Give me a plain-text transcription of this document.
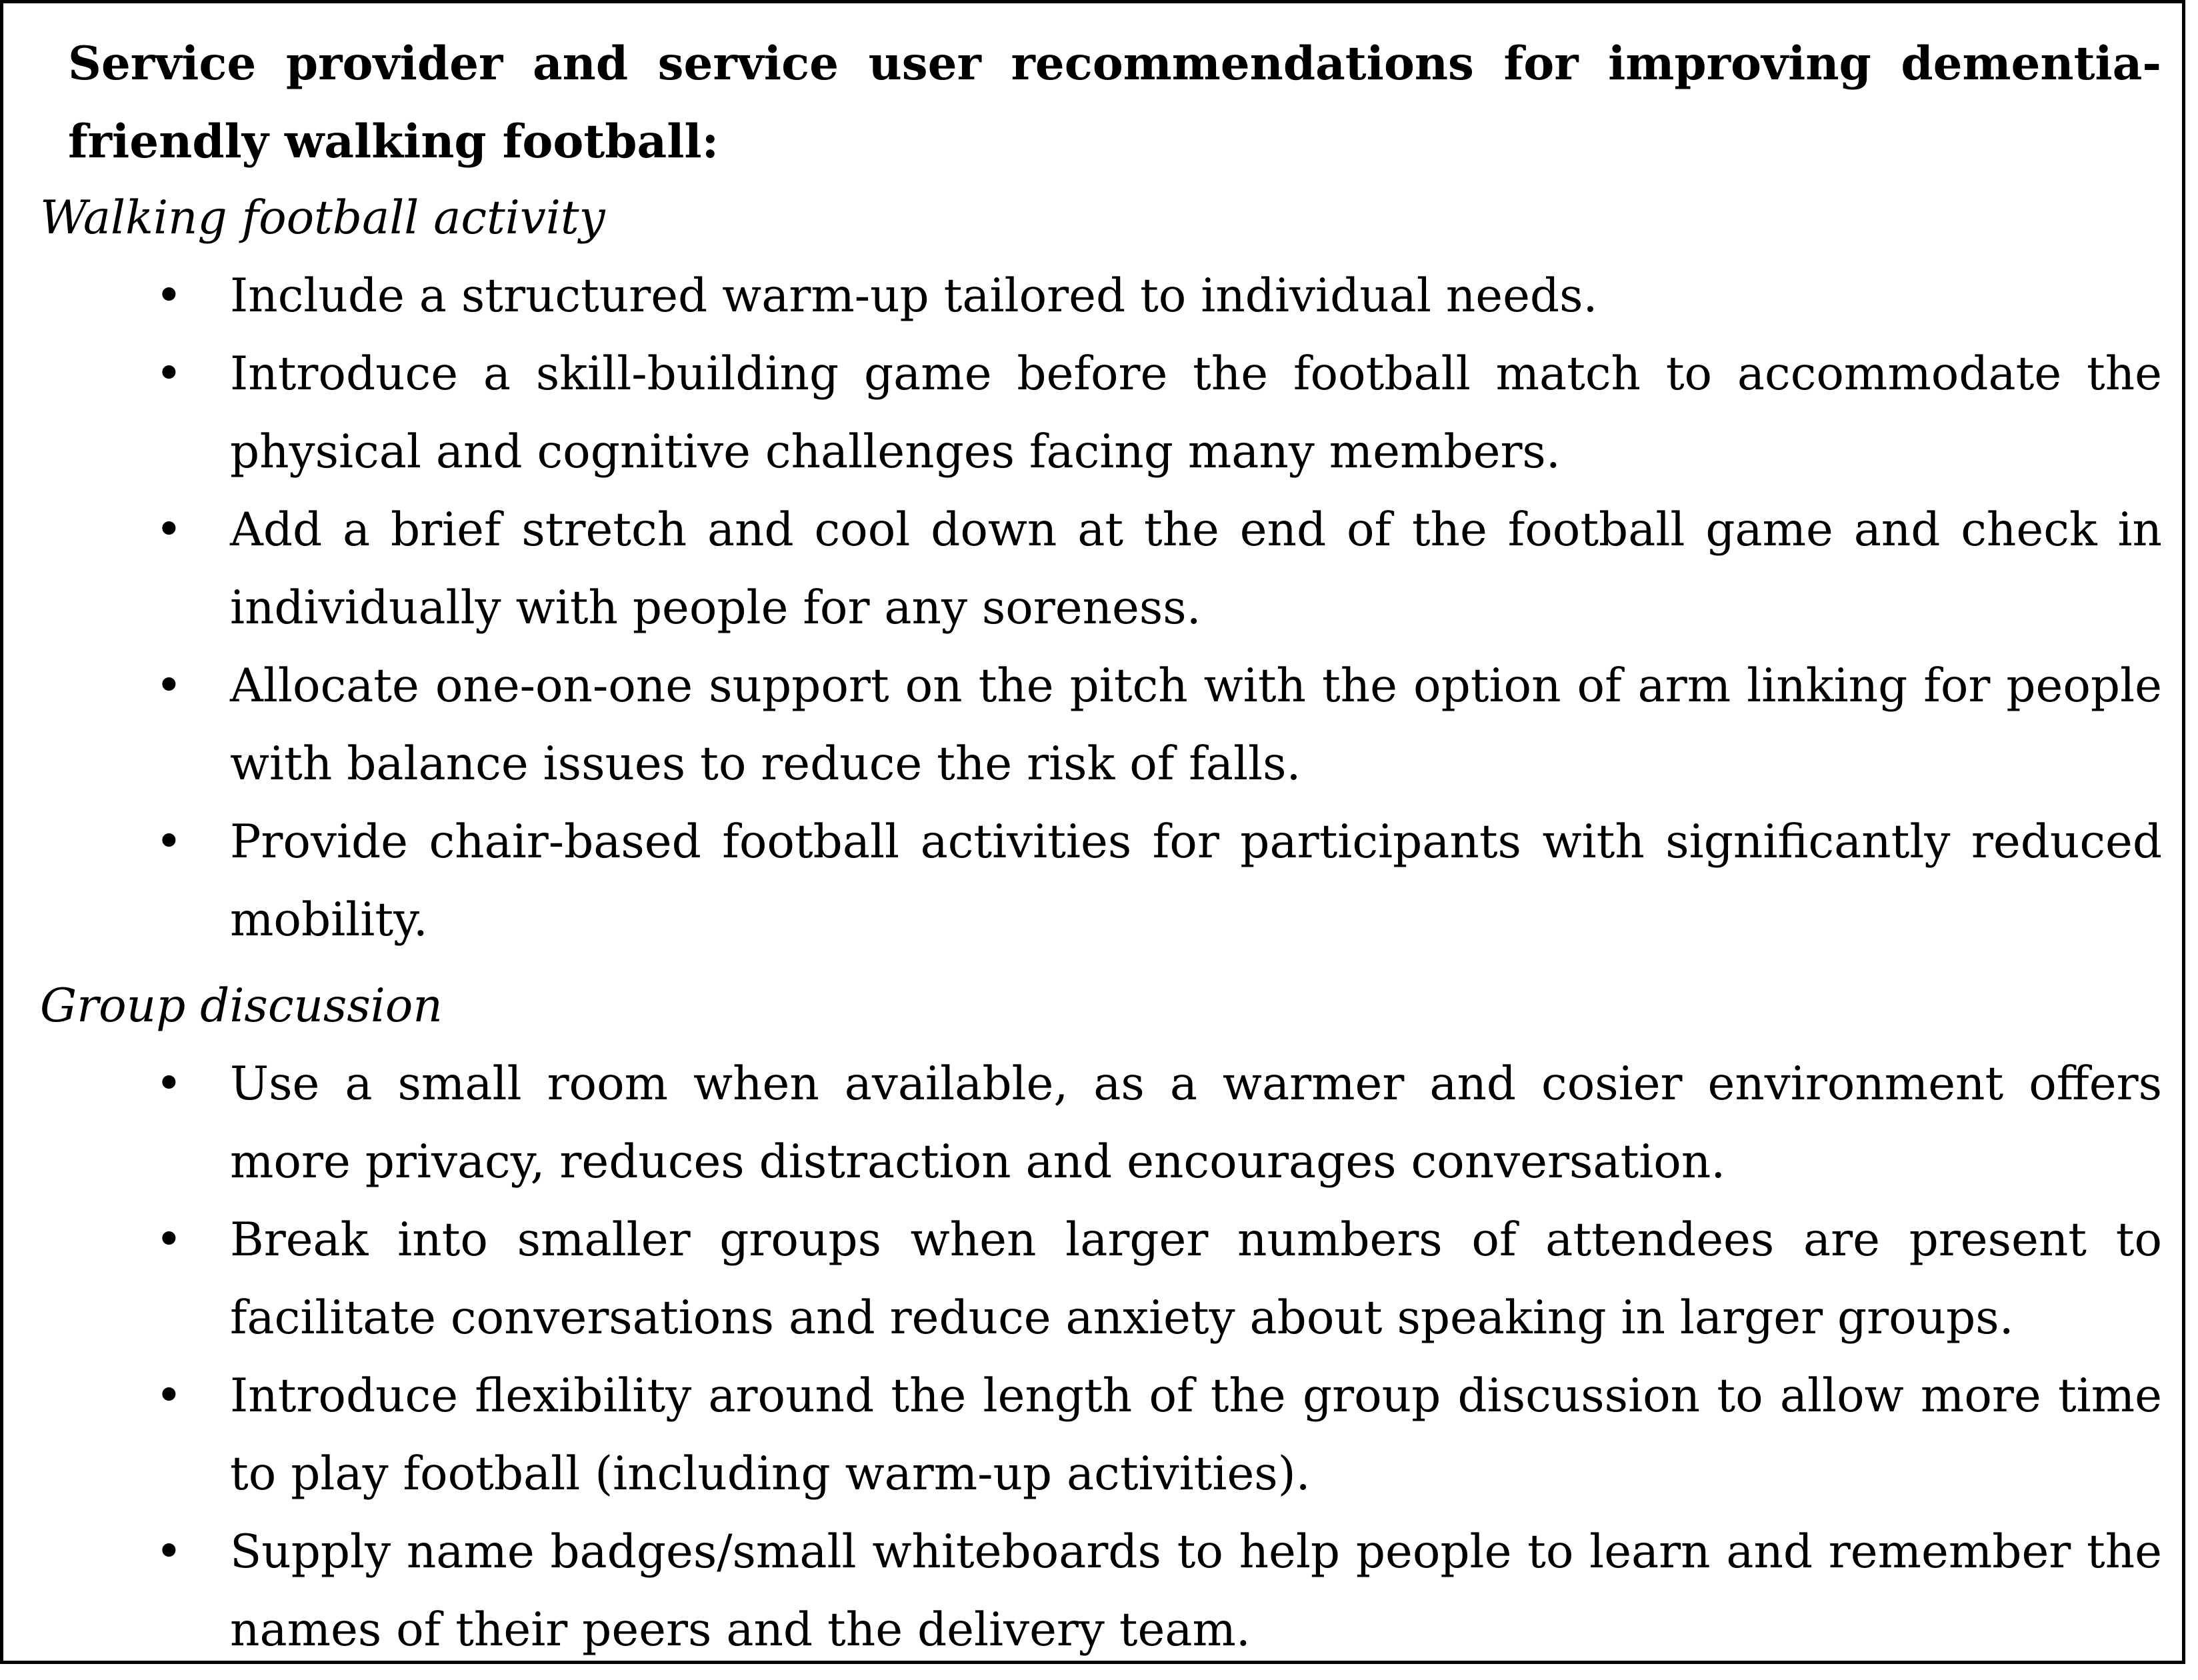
Service provider and service user recommendations for improving dementia-friendly walking football:
Walking football activity
• Include a structured warm-up tailored to individual needs.
• Introduce a skill-building game before the football match to accommodate the physical and cognitive challenges facing many members.
• Add a brief stretch and cool down at the end of the football game and check in individually with people for any soreness.
• Allocate one-on-one support on the pitch with the option of arm linking for people with balance issues to reduce the risk of falls.
• Provide chair-based football activities for participants with significantly reduced mobility.
Group discussion
• Use a small room when available, as a warmer and cosier environment offers more privacy, reduces distraction and encourages conversation.
• Break into smaller groups when larger numbers of attendees are present to facilitate conversations and reduce anxiety about speaking in larger groups.
• Introduce flexibility around the length of the group discussion to allow more time to play football (including warm-up activities).
• Supply name badges/small whiteboards to help people to learn and remember the names of their peers and the delivery team.
